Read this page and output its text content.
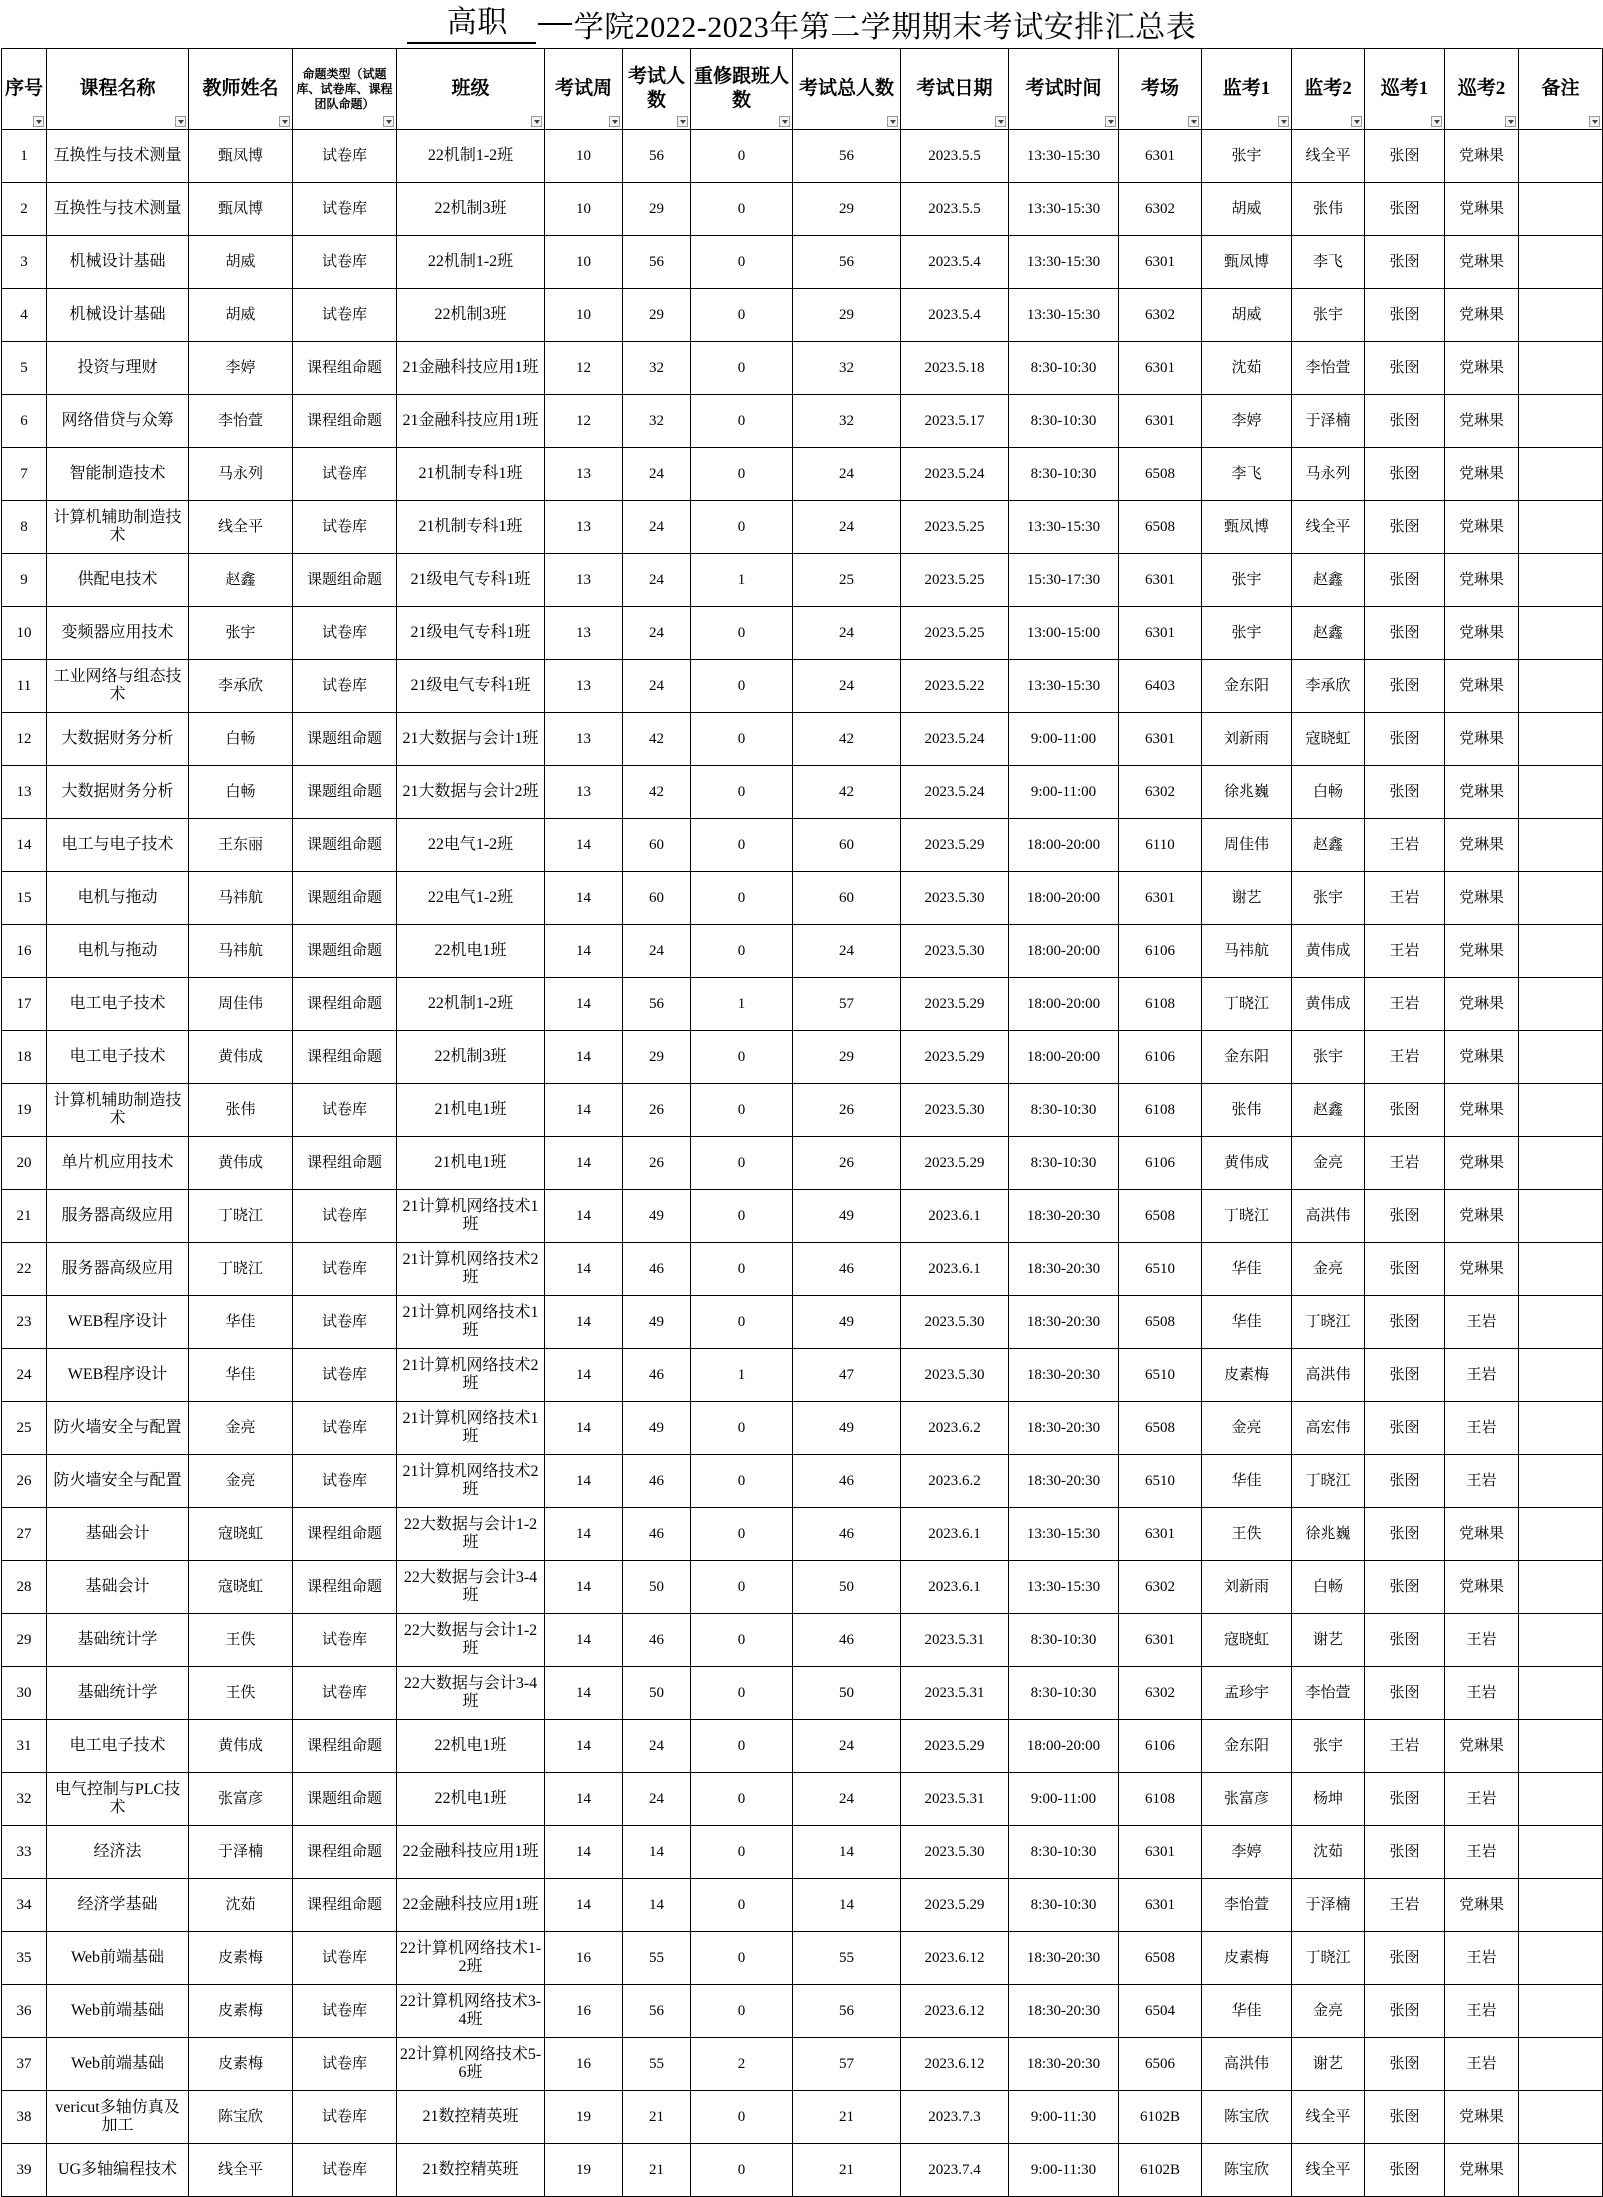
高职	学院2022-2023年第二学期期末考试安排汇总表
序号	课程名称	教师姓名	命题类型（试题库、试卷库、课程团队命题）	班级	考试周	考试人数	重修跟班人数	考试总人数	考试日期	考试时间	考场	监考1	监考2	巡考1	巡考2	备注

1	互换性与技术测量	甄凤博	试卷库	22机制1-2班	10	56	0	56	2023.5.5	13:30-15:30	6301	张宇	线全平	张囹	党琳果	
2	互换性与技术测量	甄凤博	试卷库	22机制3班	10	29	0	29	2023.5.5	13:30-15:30	6302	胡威	张伟	张囹	党琳果	
3	机械设计基础	胡威	试卷库	22机制1-2班	10	56	0	56	2023.5.4	13:30-15:30	6301	甄凤博	李飞	张囹	党琳果	
4	机械设计基础	胡威	试卷库	22机制3班	10	29	0	29	2023.5.4	13:30-15:30	6302	胡威	张宇	张囹	党琳果	
5	投资与理财	李婷	课程组命题	21金融科技应用1班	12	32	0	32	2023.5.18	8:30-10:30	6301	沈茹	李怡萱	张囹	党琳果	
6	网络借贷与众筹	李怡萱	课程组命题	21金融科技应用1班	12	32	0	32	2023.5.17	8:30-10:30	6301	李婷	于泽楠	张囹	党琳果	
7	智能制造技术	马永列	试卷库	21机制专科1班	13	24	0	24	2023.5.24	8:30-10:30	6508	李飞	马永列	张囹	党琳果	
8	计算机辅助制造技术	线全平	试卷库	21机制专科1班	13	24	0	24	2023.5.25	13:30-15:30	6508	甄凤博	线全平	张囹	党琳果	
9	供配电技术	赵鑫	课题组命题	21级电气专科1班	13	24	1	25	2023.5.25	15:30-17:30	6301	张宇	赵鑫	张囹	党琳果	
10	变频器应用技术	张宇	试卷库	21级电气专科1班	13	24	0	24	2023.5.25	13:00-15:00	6301	张宇	赵鑫	张囹	党琳果	
11	工业网络与组态技术	李承欣	试卷库	21级电气专科1班	13	24	0	24	2023.5.22	13:30-15:30	6403	金东阳	李承欣	张囹	党琳果	
12	大数据财务分析	白畅	课题组命题	21大数据与会计1班	13	42	0	42	2023.5.24	9:00-11:00	6301	刘新雨	寇晓虹	张囹	党琳果	
13	大数据财务分析	白畅	课题组命题	21大数据与会计2班	13	42	0	42	2023.5.24	9:00-11:00	6302	徐兆巍	白畅	张囹	党琳果	
14	电工与电子技术	王东丽	课题组命题	22电气1-2班	14	60	0	60	2023.5.29	18:00-20:00	6110	周佳伟	赵鑫	王岩	党琳果	
15	电机与拖动	马祎航	课题组命题	22电气1-2班	14	60	0	60	2023.5.30	18:00-20:00	6301	谢艺	张宇	王岩	党琳果	
16	电机与拖动	马祎航	课题组命题	22机电1班	14	24	0	24	2023.5.30	18:00-20:00	6106	马祎航	黄伟成	王岩	党琳果	
17	电工电子技术	周佳伟	课程组命题	22机制1-2班	14	56	1	57	2023.5.29	18:00-20:00	6108	丁晓江	黄伟成	王岩	党琳果	
18	电工电子技术	黄伟成	课程组命题	22机制3班	14	29	0	29	2023.5.29	18:00-20:00	6106	金东阳	张宇	王岩	党琳果	
19	计算机辅助制造技术	张伟	试卷库	21机电1班	14	26	0	26	2023.5.30	8:30-10:30	6108	张伟	赵鑫	张囹	党琳果	
20	单片机应用技术	黄伟成	课程组命题	21机电1班	14	26	0	26	2023.5.29	8:30-10:30	6106	黄伟成	金亮	王岩	党琳果	
21	服务器高级应用	丁晓江	试卷库	21计算机网络技术1班	14	49	0	49	2023.6.1	18:30-20:30	6508	丁晓江	高洪伟	张囹	党琳果	
22	服务器高级应用	丁晓江	试卷库	21计算机网络技术2班	14	46	0	46	2023.6.1	18:30-20:30	6510	华佳	金亮	张囹	党琳果	
23	WEB程序设计	华佳	试卷库	21计算机网络技术1班	14	49	0	49	2023.5.30	18:30-20:30	6508	华佳	丁晓江	张囹	王岩	
24	WEB程序设计	华佳	试卷库	21计算机网络技术2班	14	46	1	47	2023.5.30	18:30-20:30	6510	皮素梅	高洪伟	张囹	王岩	
25	防火墙安全与配置	金亮	试卷库	21计算机网络技术1班	14	49	0	49	2023.6.2	18:30-20:30	6508	金亮	高宏伟	张囹	王岩	
26	防火墙安全与配置	金亮	试卷库	21计算机网络技术2班	14	46	0	46	2023.6.2	18:30-20:30	6510	华佳	丁晓江	张囹	王岩	
27	基础会计	寇晓虹	课程组命题	22大数据与会计1-2班	14	46	0	46	2023.6.1	13:30-15:30	6301	王佚	徐兆巍	张囹	党琳果	
28	基础会计	寇晓虹	课程组命题	22大数据与会计3-4班	14	50	0	50	2023.6.1	13:30-15:30	6302	刘新雨	白畅	张囹	党琳果	
29	基础统计学	王佚	试卷库	22大数据与会计1-2班	14	46	0	46	2023.5.31	8:30-10:30	6301	寇晓虹	谢艺	张囹	王岩	
30	基础统计学	王佚	试卷库	22大数据与会计3-4班	14	50	0	50	2023.5.31	8:30-10:30	6302	孟珍宇	李怡萱	张囹	王岩	
31	电工电子技术	黄伟成	课程组命题	22机电1班	14	24	0	24	2023.5.29	18:00-20:00	6106	金东阳	张宇	王岩	党琳果	
32	电气控制与PLC技术	张富彦	课题组命题	22机电1班	14	24	0	24	2023.5.31	9:00-11:00	6108	张富彦	杨坤	张囹	王岩	
33	经济法	于泽楠	课程组命题	22金融科技应用1班	14	14	0	14	2023.5.30	8:30-10:30	6301	李婷	沈茹	张囹	王岩	
34	经济学基础	沈茹	课程组命题	22金融科技应用1班	14	14	0	14	2023.5.29	8:30-10:30	6301	李怡萱	于泽楠	王岩	党琳果	
35	Web前端基础	皮素梅	试卷库	22计算机网络技术1-2班	16	55	0	55	2023.6.12	18:30-20:30	6508	皮素梅	丁晓江	张囹	王岩	
36	Web前端基础	皮素梅	试卷库	22计算机网络技术3-4班	16	56	0	56	2023.6.12	18:30-20:30	6504	华佳	金亮	张囹	王岩	
37	Web前端基础	皮素梅	试卷库	22计算机网络技术5-6班	16	55	2	57	2023.6.12	18:30-20:30	6506	高洪伟	谢艺	张囹	王岩	
38	vericut多轴仿真及加工	陈宝欣	试卷库	21数控精英班	19	21	0	21	2023.7.3	9:00-11:30	6102B	陈宝欣	线全平	张囹	党琳果	
39	UG多轴编程技术	线全平	试卷库	21数控精英班	19	21	0	21	2023.7.4	9:00-11:30	6102B	陈宝欣	线全平	张囹	党琳果	
